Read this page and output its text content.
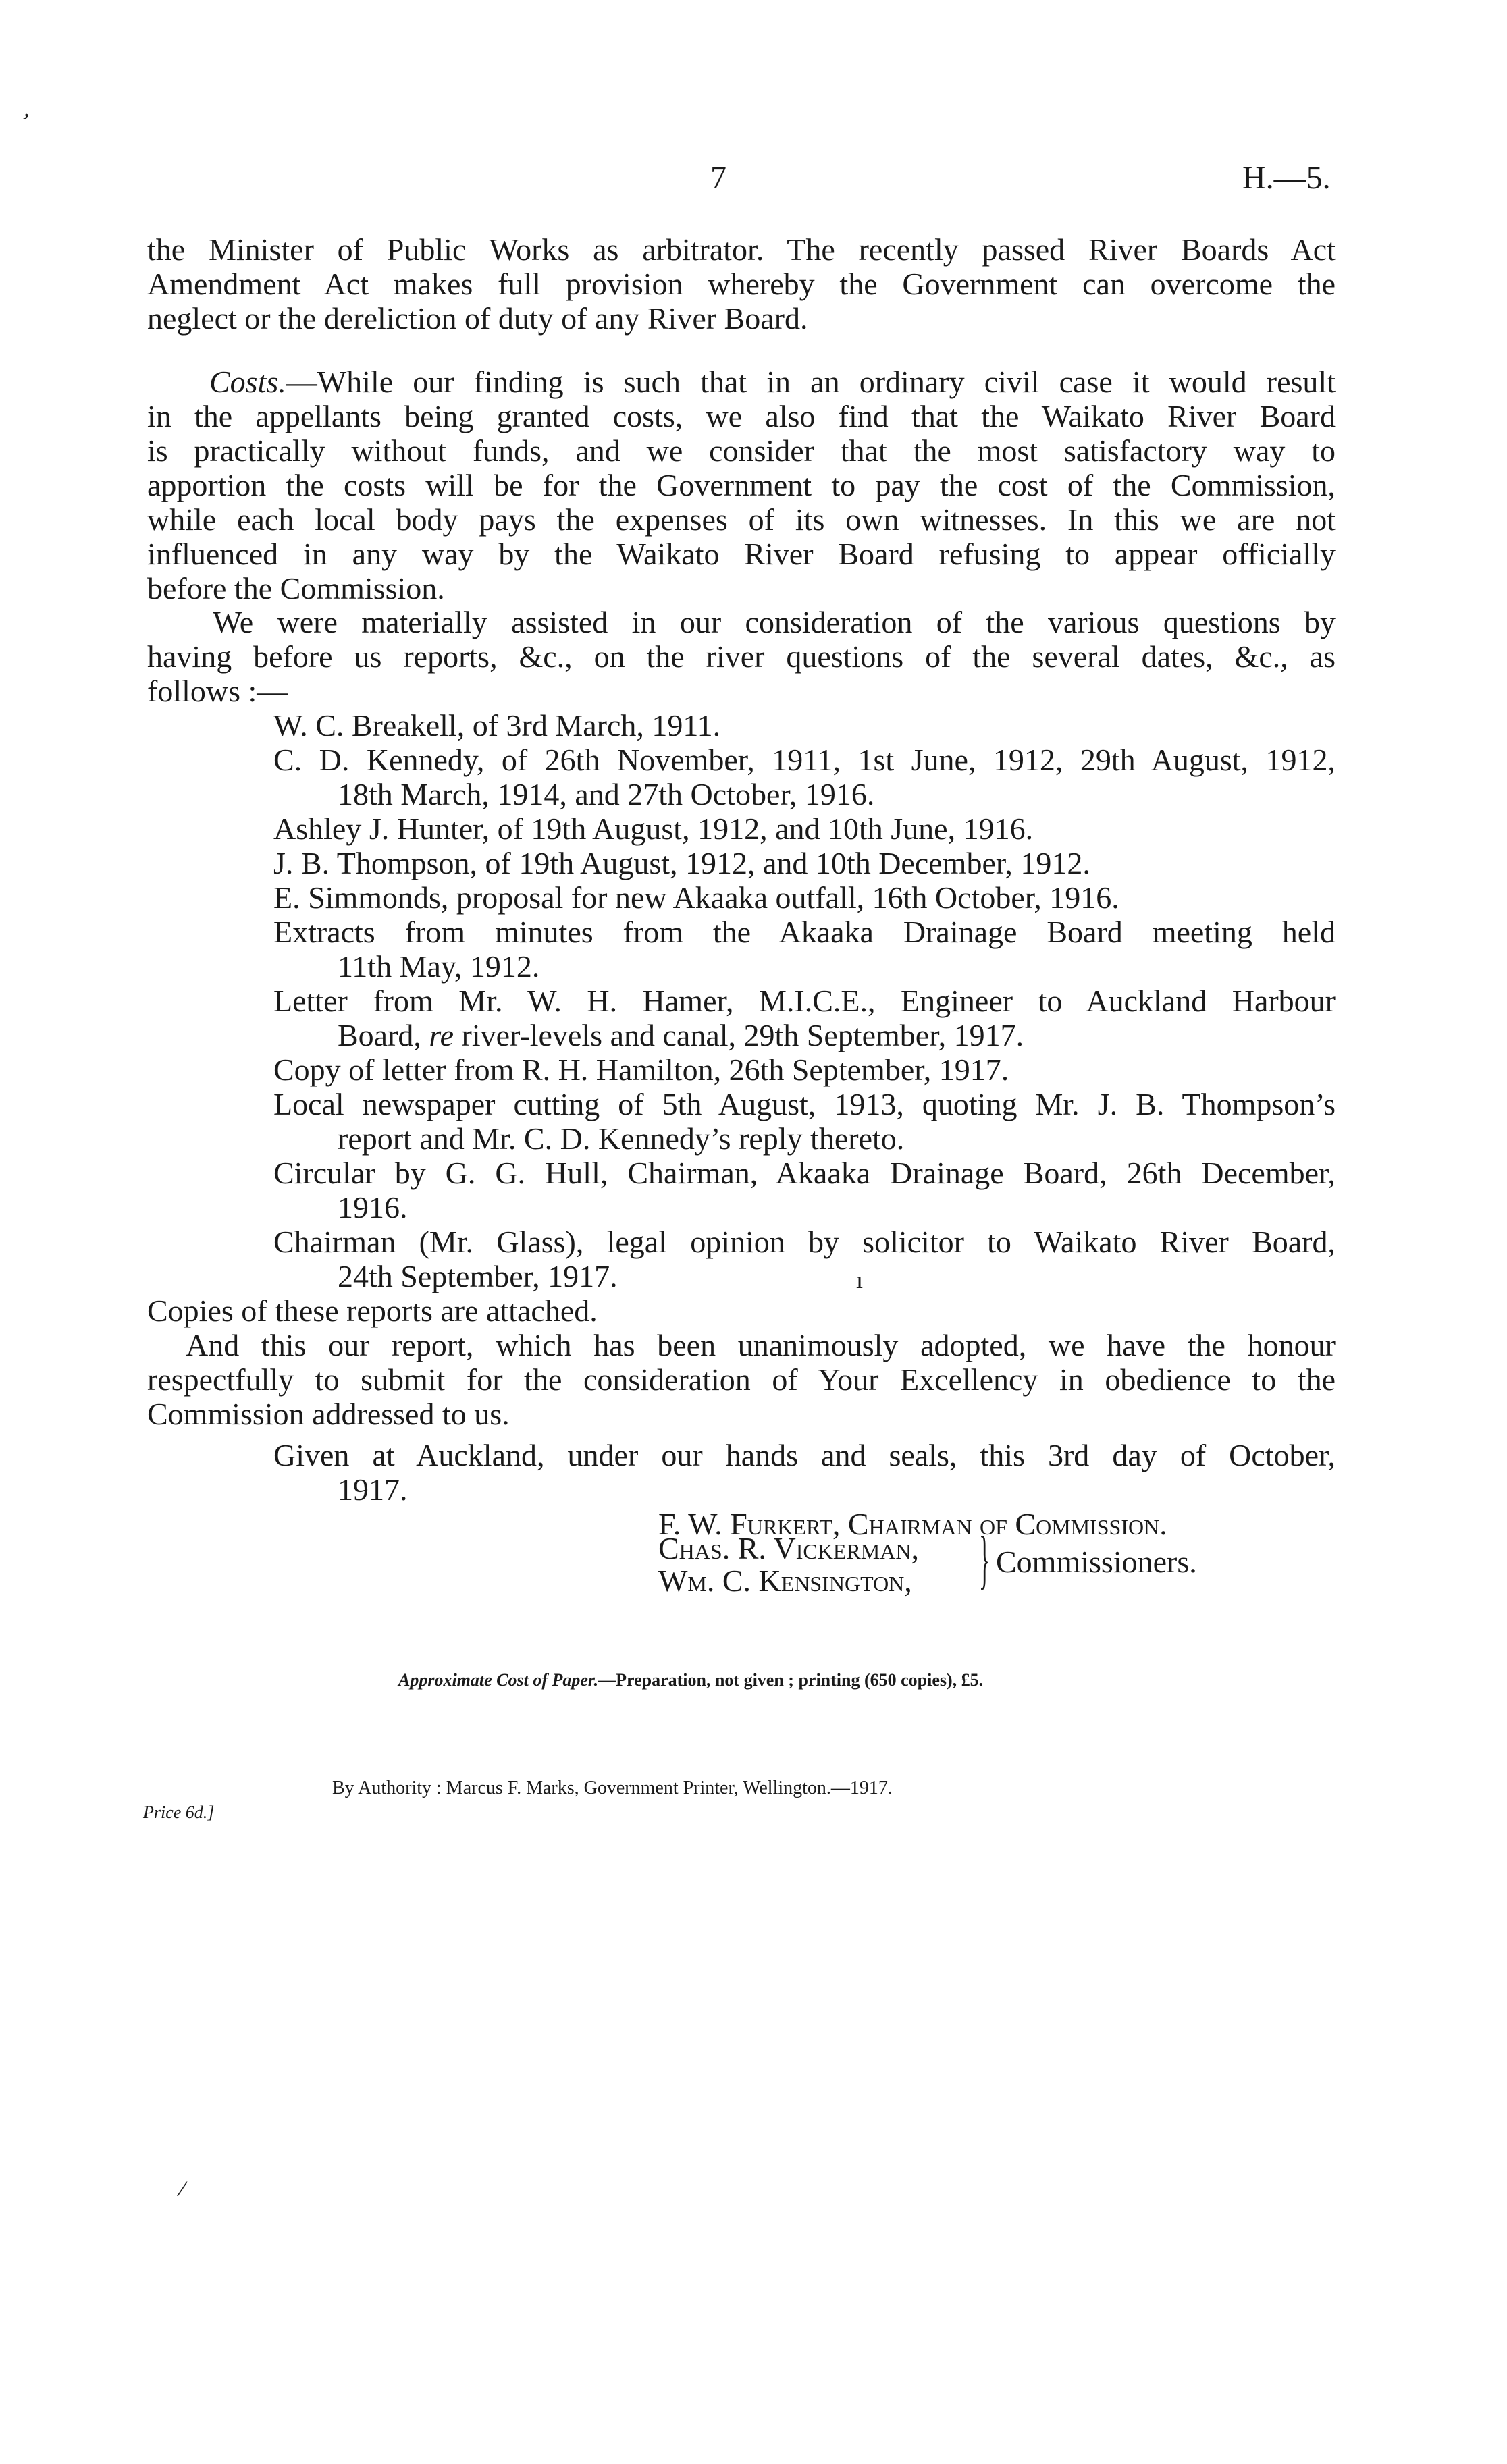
7	H.—5.
the Minister of Public Works as arbitrator. The recently passed River Boards Act
Amendment Act makes full provision whereby the Government can overcome the
neglect or the dereliction of duty of any River Board.
Costs.—While our finding is such that in an ordinary civil case it would result
in the appellants being granted costs, we also find that the Waikato River Board
is practically without funds, and we consider that the most satisfactory way to
apportion the costs will be for the Government to pay the cost of the Commission,
while each local body pays the expenses of its own witnesses. In this we are not
influenced in any way by the Waikato River Board refusing to appear officially
before the Commission.
We were materially assisted in our consideration of the various questions by
having before us reports, &c., on the river questions of the several dates, &c., as
follows :—
W. C. Breakell, of 3rd March, 1911.
C. D. Kennedy, of 26th November, 1911, 1st June, 1912, 29th August, 1912,
18th March, 1914, and 27th October, 1916.
Ashley J. Hunter, of 19th August, 1912, and 10th June, 1916.
J. B. Thompson, of 19th August, 1912, and 10th December, 1912.
E. Simmonds, proposal for new Akaaka outfall, 16th October, 1916.
Extracts from minutes from the Akaaka Drainage Board meeting held
11th May, 1912.
Letter from Mr. W. H. Hamer, M.I.C.E., Engineer to Auckland Harbour
Board, re river-levels and canal, 29th September, 1917.
Copy of letter from R. H. Hamilton, 26th September, 1917.
Local newspaper cutting of 5th August, 1913, quoting Mr. J. B. Thompson’s
report and Mr. C. D. Kennedy’s reply thereto.
Circular by G. G. Hull, Chairman, Akaaka Drainage Board, 26th December,
1916.
Chairman (Mr. Glass), legal opinion by solicitor to Waikato River Board,
24th September, 1917.
Copies of these reports are attached.
And this our report, which has been unanimously adopted, we have the honour
respectfully to submit for the consideration of Your Excellency in obedience to the
Commission addressed to us.
Given at Auckland, under our hands and seals, this 3rd day of October,
1917.
F. W. Furkert, Chairman of Commission.
Chas. R. Vickerman,
Wm. C. Kensington, } Commissioners.
Approximate Cost of Paper.—Preparation, not given ; printing (650 copies), £5.
By Authority : Marcus F. Marks, Government Printer, Wellington.—1917.
Price 6d.]
ʼ
/
ı
